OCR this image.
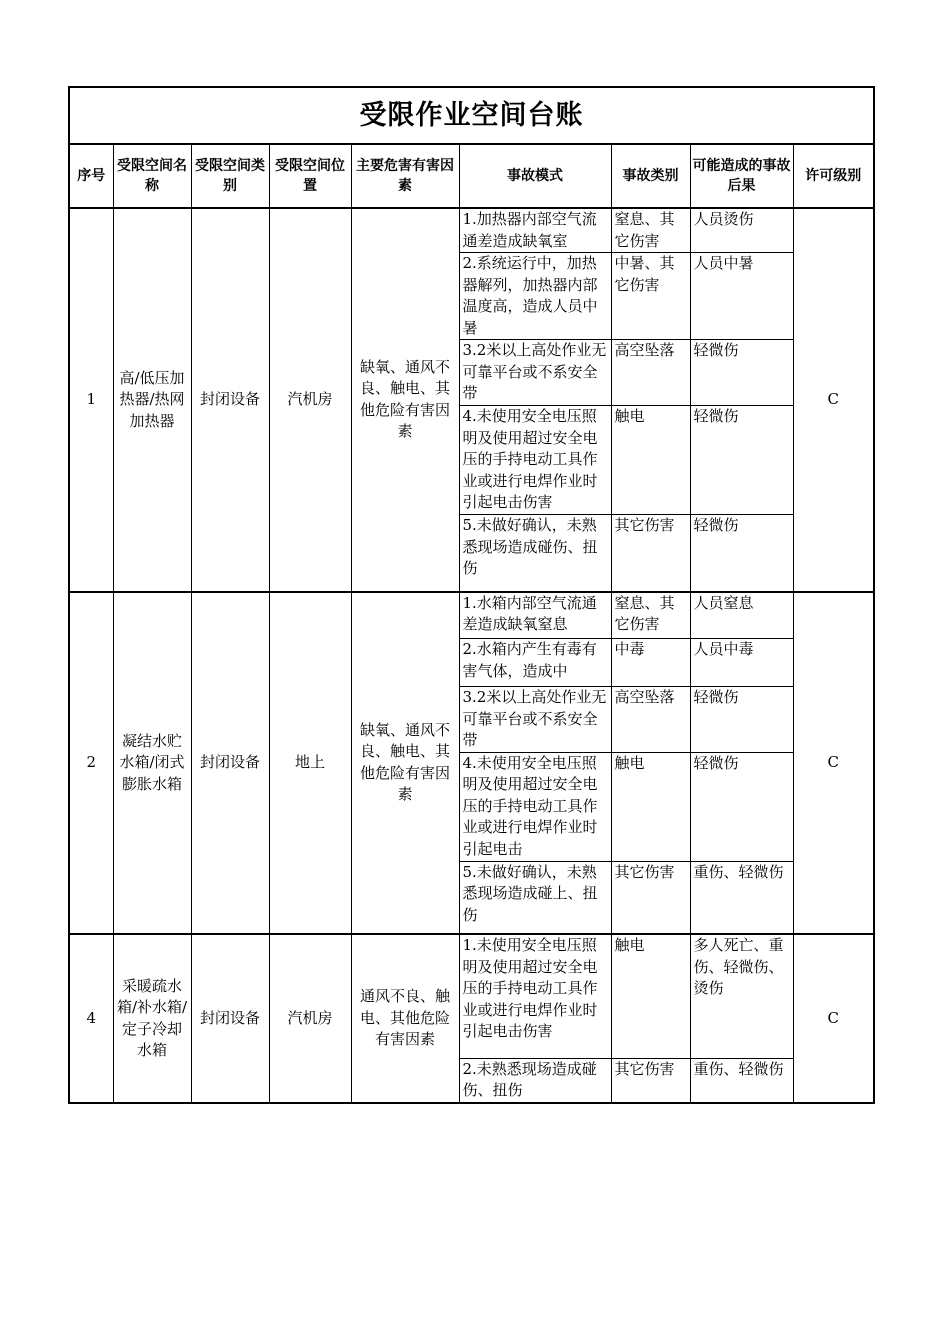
受限作业空间台账								
序号	受限空间名称	受限空间类别	受限空间位置	主要危害有害因素	事故模式	事故类别	可能造成的事故后果	许可级别

1	高/低压加热器/热网加热器	封闭设备	汽机房	缺氧、通风不良、触电、其他危险有害因素	1.加热器内部空气流通差造成缺氧室	窒息、其它伤害	人员烫伤	C

					2.系统运行中，加热器解列，加热器内部温度高，造成人员中暑	中暑、其它伤害	人员中暑	

					3.2米以上高处作业无可靠平台或不系安全带	高空坠落	轻微伤	

					4.未使用安全电压照明及使用超过安全电压的手持电动工具作业或进行电焊作业时引起电击伤害	触电	轻微伤	

					5.未做好确认，未熟悉现场造成碰伤、扭伤	其它伤害	轻微伤	

2	凝结水贮水箱/闭式膨胀水箱	封闭设备	地上	缺氧、通风不良、触电、其他危险有害因素	1.水箱内部空气流通差造成缺氧窒息	窒息、其它伤害	人员窒息	C

					2.水箱内产生有毒有害气体，造成中	中毒	人员中毒	

					3.2米以上高处作业无可靠平台或不系安全带	高空坠落	轻微伤	

					4.未使用安全电压照明及使用超过安全电压的手持电动工具作业或进行电焊作业时引起电击	触电	轻微伤	

					5.未做好确认，未熟悉现场造成碰上、扭伤	其它伤害	重伤、轻微伤	

4	采暖疏水箱/补水箱/定子冷却水箱	封闭设备	汽机房	通风不良、触电、其他危险有害因素	1.未使用安全电压照明及使用超过安全电压的手持电动工具作业或进行电焊作业时引起电击伤害	触电	多人死亡、重伤、轻微伤、烫伤	C

					2.未熟悉现场造成碰伤、扭伤	其它伤害	重伤、轻微伤	
